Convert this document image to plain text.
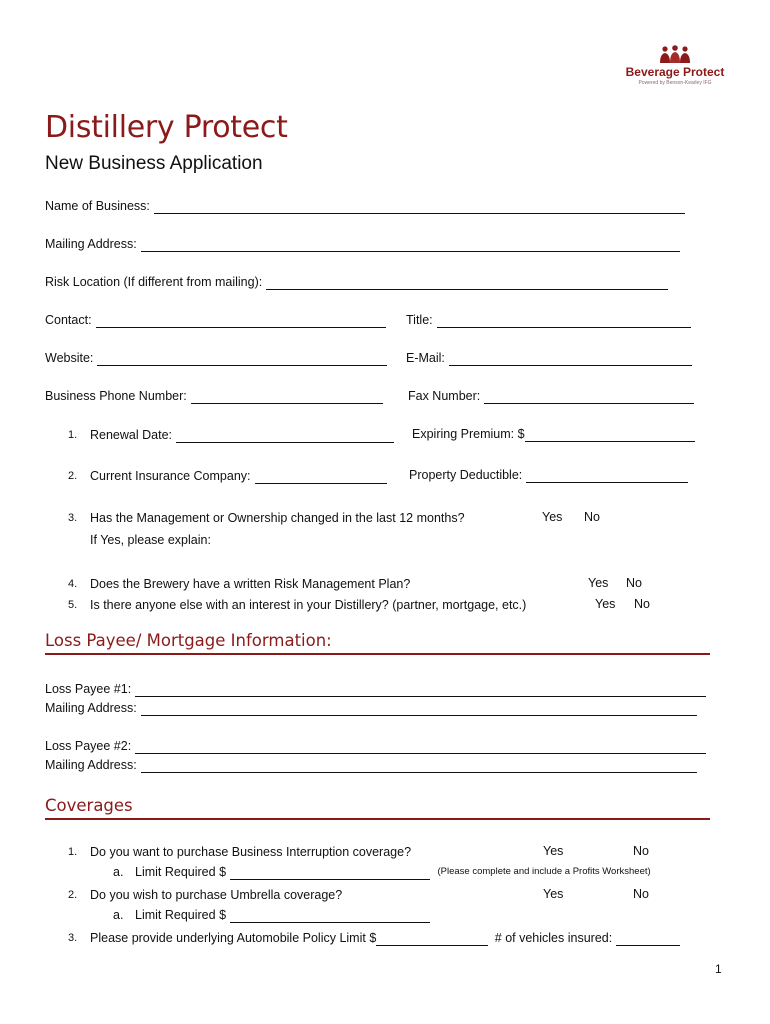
Beverage Protect
Powered by Benson-Kearley IFG
Distillery Protect
New Business Application
Name of Business:
Mailing Address:
Risk Location (If different from mailing):
Contact:	Title:
Website:	E-Mail:
Business Phone Number:	Fax Number:
1. Renewal Date:	Expiring Premium: $
2. Current Insurance Company:	Property Deductible:
3. Has the Management or Ownership changed in the last 12 months?	Yes No
If Yes, please explain:
4. Does the Brewery have a written Risk Management Plan?	Yes No
5. Is there anyone else with an interest in your Distillery? (partner, mortgage, etc.)	Yes No
Loss Payee/ Mortgage Information:
Loss Payee #1:
Mailing Address:
Loss Payee #2:
Mailing Address:
Coverages
1. Do you want to purchase Business Interruption coverage?	Yes	No
a. Limit Required $	(Please complete and include a Profits Worksheet)
2. Do you wish to purchase Umbrella coverage?	Yes	No
a. Limit Required $
3. Please provide underlying Automobile Policy Limit $	# of vehicles insured:
1
